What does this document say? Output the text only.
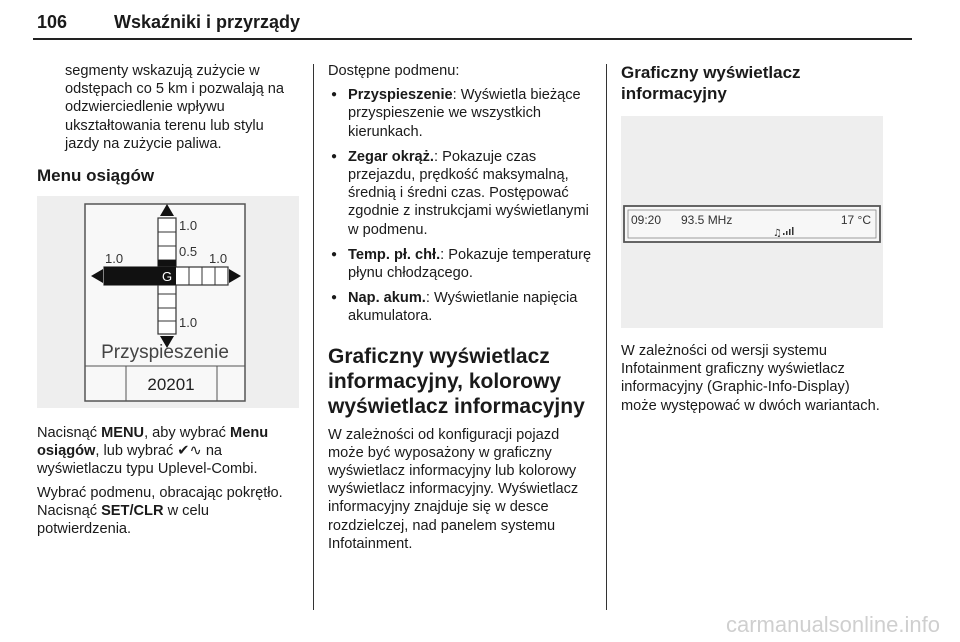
106	Wskaźniki i przyrządy

segmenty wskazują zużycie w odstępach co 5 km i pozwalają na odzwierciedlenie wpływu ukształtowania terenu lub stylu jazdy na zużycie paliwa.

Menu osiągów
1.0
0.5
1.0	1.0
1.0
G
Przyspieszenie
20201

Nacisnąć MENU, aby wybrać Menu osiągów, lub wybrać ✔∿ na wyświetlaczu typu Uplevel-Combi.

Wybrać podmenu, obracając pokrętło. Nacisnąć SET/CLR w celu potwierdzenia.

Dostępne podmenu:

● Przyspieszenie: Wyświetla bieżące przyspieszenie we wszystkich kierunkach.
● Zegar okrąż.: Pokazuje czas przejazdu, prędkość maksymalną, średnią i średni czas. Postępować zgodnie z instrukcjami wyświetlanymi w podmenu.
● Temp. pł. chł.: Pokazuje temperaturę płynu chłodzącego.
● Nap. akum.: Wyświetlanie napięcia akumulatora.
Graficzny wyświetlacz informacyjny, kolorowy wyświetlacz informacyjny

W zależności od konfiguracji pojazd może być wyposażony w graficzny wyświetlacz informacyjny lub kolorowy wyświetlacz informacyjny. Wyświetlacz informacyjny znajduje się w desce rozdzielczej, nad panelem systemu Infotainment.

Graficzny wyświetlacz informacyjny
09:20 93.5 MHz	17 °C
♫

W zależności od wersji systemu Infotainment graficzny wyświetlacz informacyjny (Graphic-Info-Display) może występować w dwóch wariantach.

carmanualsonline.info
